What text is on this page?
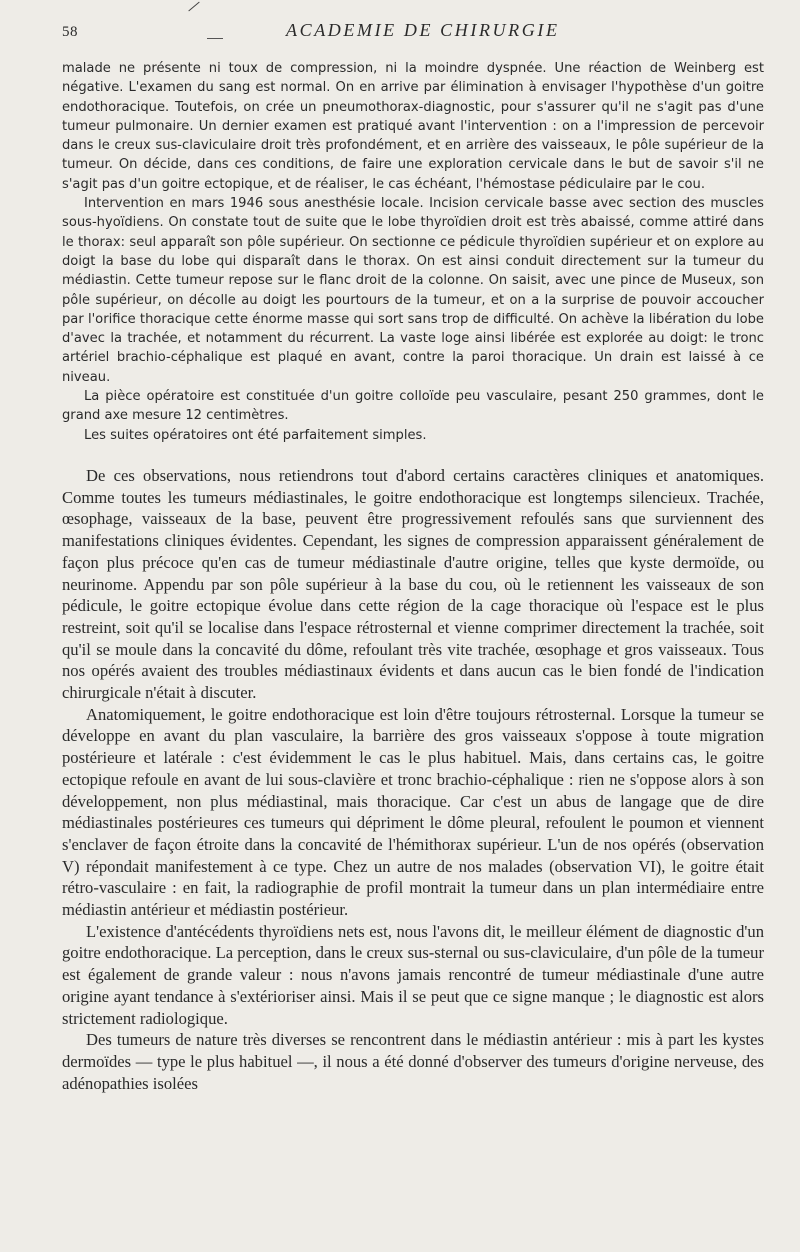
58	ACADEMIE DE CHIRURGIE

malade ne présente ni toux de compression, ni la moindre dyspnée. Une réaction de Weinberg est négative. L'examen du sang est normal. On en arrive par élimination à envisager l'hypothèse d'un goitre endothoracique. Toutefois, on crée un pneumothorax-diagnostic, pour s'assurer qu'il ne s'agit pas d'une tumeur pulmonaire. Un dernier examen est pratiqué avant l'intervention : on a l'impression de percevoir dans le creux sus-claviculaire droit très profondément, et en arrière des vaisseaux, le pôle supérieur de la tumeur. On décide, dans ces conditions, de faire une exploration cervicale dans le but de savoir s'il ne s'agit pas d'un goitre ectopique, et de réaliser, le cas échéant, l'hémostase pédiculaire par le cou.

Intervention en mars 1946 sous anesthésie locale. Incision cervicale basse avec section des muscles sous-hyoïdiens. On constate tout de suite que le lobe thyroïdien droit est très abaissé, comme attiré dans le thorax: seul apparaît son pôle supérieur. On sectionne ce pédicule thyroïdien supérieur et on explore au doigt la base du lobe qui disparaît dans le thorax. On est ainsi conduit directement sur la tumeur du médiastin. Cette tumeur repose sur le flanc droit de la colonne. On saisit, avec une pince de Museux, son pôle supérieur, on décolle au doigt les pourtours de la tumeur, et on a la surprise de pouvoir accoucher par l'orifice thoracique cette énorme masse qui sort sans trop de difficulté. On achève la libération du lobe d'avec la trachée, et notamment du récurrent. La vaste loge ainsi libérée est explorée au doigt: le tronc artériel brachio-céphalique est plaqué en avant, contre la paroi thoracique. Un drain est laissé à ce niveau.

La pièce opératoire est constituée d'un goitre colloïde peu vasculaire, pesant 250 grammes, dont le grand axe mesure 12 centimètres.

Les suites opératoires ont été parfaitement simples.

De ces observations, nous retiendrons tout d'abord certains caractères cliniques et anatomiques. Comme toutes les tumeurs médiastinales, le goitre endothoracique est longtemps silencieux. Trachée, œsophage, vaisseaux de la base, peuvent être progressivement refoulés sans que surviennent des manifestations cliniques évidentes. Cependant, les signes de compression apparaissent généralement de façon plus précoce qu'en cas de tumeur médiastinale d'autre origine, telles que kyste dermoïde, ou neurinome. Appendu par son pôle supérieur à la base du cou, où le retiennent les vaisseaux de son pédicule, le goitre ectopique évolue dans cette région de la cage thoracique où l'espace est le plus restreint, soit qu'il se localise dans l'espace rétrosternal et vienne comprimer directement la trachée, soit qu'il se moule dans la concavité du dôme, refoulant très vite trachée, œsophage et gros vaisseaux. Tous nos opérés avaient des troubles médiastinaux évidents et dans aucun cas le bien fondé de l'indication chirurgicale n'était à discuter.

Anatomiquement, le goitre endothoracique est loin d'être toujours rétrosternal. Lorsque la tumeur se développe en avant du plan vasculaire, la barrière des gros vaisseaux s'oppose à toute migration postérieure et latérale : c'est évidemment le cas le plus habituel. Mais, dans certains cas, le goitre ectopique refoule en avant de lui sous-clavière et tronc brachio-céphalique : rien ne s'oppose alors à son développement, non plus médiastinal, mais thoracique. Car c'est un abus de langage que de dire médiastinales postérieures ces tumeurs qui dépriment le dôme pleural, refoulent le poumon et viennent s'enclaver de façon étroite dans la concavité de l'hémithorax supérieur. L'un de nos opérés (observation V) répondait manifestement à ce type. Chez un autre de nos malades (observation VI), le goitre était rétro-vasculaire : en fait, la radiographie de profil montrait la tumeur dans un plan intermédiaire entre médiastin antérieur et médiastin postérieur.

L'existence d'antécédents thyroïdiens nets est, nous l'avons dit, le meilleur élément de diagnostic d'un goitre endothoracique. La perception, dans le creux sus-sternal ou sus-claviculaire, d'un pôle de la tumeur est également de grande valeur : nous n'avons jamais rencontré de tumeur médiastinale d'une autre origine ayant tendance à s'extérioriser ainsi. Mais il se peut que ce signe manque ; le diagnostic est alors strictement radiologique.

Des tumeurs de nature très diverses se rencontrent dans le médiastin antérieur : mis à part les kystes dermoïdes — type le plus habituel —, il nous a été donné d'observer des tumeurs d'origine nerveuse, des adénopathies isolées
